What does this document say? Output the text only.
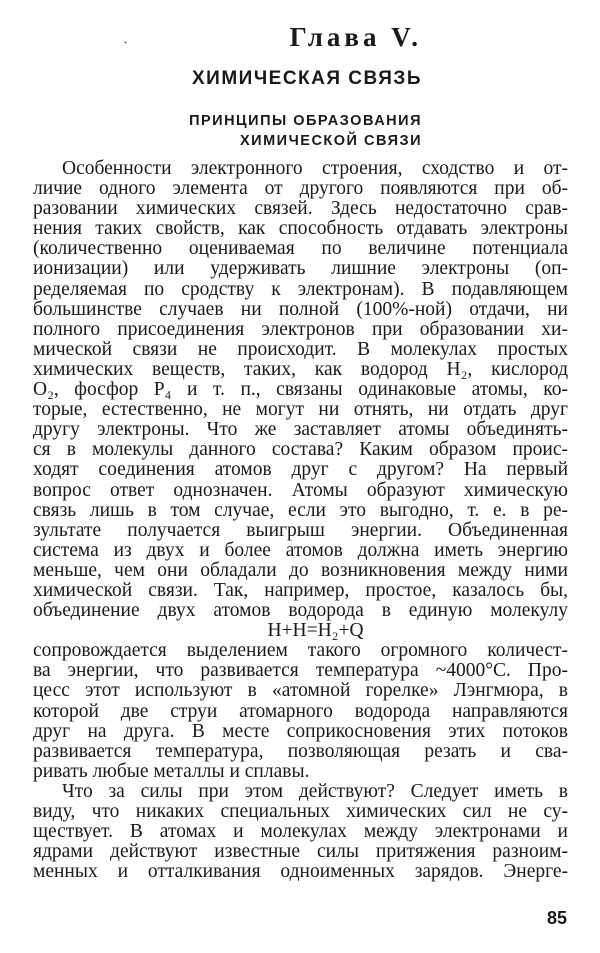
Глава V.
ХИМИЧЕСКАЯ СВЯЗЬ
ПРИНЦИПЫ ОБРАЗОВАНИЯ
ХИМИЧЕСКОЙ СВЯЗИ
Особенности электронного строения, сходство и от-
личие одного элемента от другого появляются при об-
разовании химических связей. Здесь недостаточно срав-
нения таких свойств, как способность отдавать электроны
(количественно оцениваемая по величине потенциала
ионизации) или удерживать лишние электроны (оп-
ределяемая по сродству к электронам). В подавляющем
большинстве случаев ни полной (100%-ной) отдачи, ни
полного присоединения электронов при образовании хи-
мической связи не происходит. В молекулах простых
химических веществ, таких, как водород H₂, кислород
O₂, фосфор P₄ и т. п., связаны одинаковые атомы, ко-
торые, естественно, не могут ни отнять, ни отдать друг
другу электроны. Что же заставляет атомы объединять-
ся в молекулы данного состава? Каким образом проис-
ходят соединения атомов друг с другом? На первый
вопрос ответ однозначен. Атомы образуют химическую
связь лишь в том случае, если это выгодно, т. е. в ре-
зультате получается выигрыш энергии. Объединенная
система из двух и более атомов должна иметь энергию
меньше, чем они обладали до возникновения между ними
химической связи. Так, например, простое, казалось бы,
объединение двух атомов водорода в единую молекулу
H+H=H₂+Q
сопровождается выделением такого огромного количест-
ва энергии, что развивается температура ~4000°С. Про-
цесс этот используют в «атомной горелке» Лэнгмюра, в
которой две струи атомарного водорода направляются
друг на друга. В месте соприкосновения этих потоков
развивается температура, позволяющая резать и сва-
ривать любые металлы и сплавы.
Что за силы при этом действуют? Следует иметь в
виду, что никаких специальных химических сил не су-
ществует. В атомах и молекулах между электронами и
ядрами действуют известные силы притяжения разноим-
менных и отталкивания одноименных зарядов. Энерге-
85
